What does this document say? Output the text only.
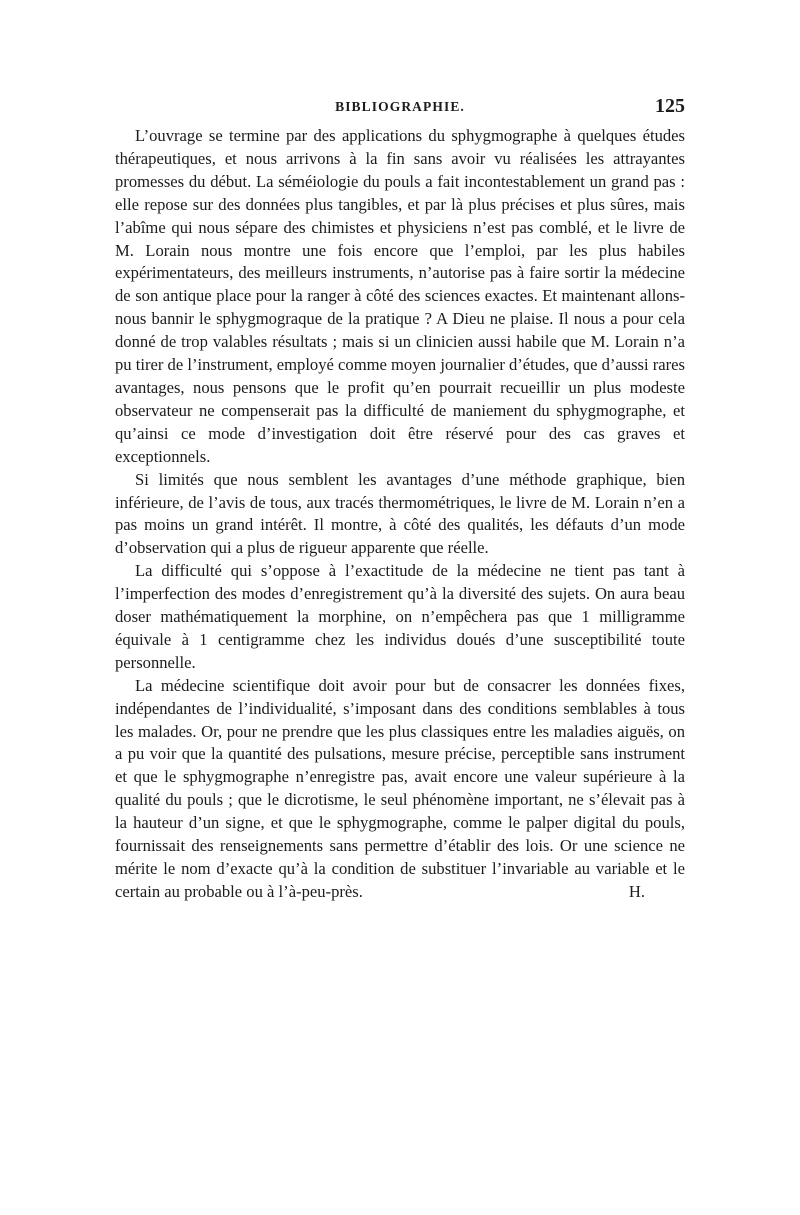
BIBLIOGRAPHIE.	125

L’ouvrage se termine par des applications du sphygmographe à quelques études thérapeutiques, et nous arrivons à la fin sans avoir vu réalisées les attrayantes promesses du début. La séméiologie du pouls a fait incontestablement un grand pas : elle repose sur des données plus tangibles, et par là plus précises et plus sûres, mais l’abîme qui nous sépare des chimistes et physiciens n’est pas comblé, et le livre de M. Lorain nous montre une fois encore que l’emploi, par les plus habiles expérimentateurs, des meilleurs instruments, n’autorise pas à faire sortir la médecine de son antique place pour la ranger à côté des sciences exactes. Et maintenant allons-nous bannir le sphygmograque de la pratique ? A Dieu ne plaise. Il nous a pour cela donné de trop valables résultats ; mais si un clinicien aussi habile que M. Lorain n’a pu tirer de l’instrument, employé comme moyen journalier d’études, que d’aussi rares avantages, nous pensons que le profit qu’en pourrait recueillir un plus modeste observateur ne compenserait pas la difficulté de maniement du sphygmographe, et qu’ainsi ce mode d’investigation doit être réservé pour des cas graves et exceptionnels.

Si limités que nous semblent les avantages d’une méthode graphique, bien inférieure, de l’avis de tous, aux tracés thermométriques, le livre de M. Lorain n’en a pas moins un grand intérêt. Il montre, à côté des qualités, les défauts d’un mode d’observation qui a plus de rigueur apparente que réelle.

La difficulté qui s’oppose à l’exactitude de la médecine ne tient pas tant à l’imperfection des modes d’enregistrement qu’à la diversité des sujets. On aura beau doser mathématiquement la morphine, on n’empêchera pas que 1 milligramme équivale à 1 centigramme chez les individus doués d’une susceptibilité toute personnelle.

La médecine scientifique doit avoir pour but de consacrer les données fixes, indépendantes de l’individualité, s’imposant dans des conditions semblables à tous les malades. Or, pour ne prendre que les plus classiques entre les maladies aiguës, on a pu voir que la quantité des pulsations, mesure précise, perceptible sans instrument et que le sphygmographe n’enregistre pas, avait encore une valeur supérieure à la qualité du pouls ; que le dicrotisme, le seul phénomène important, ne s’élevait pas à la hauteur d’un signe, et que le sphygmographe, comme le palper digital du pouls, fournissait des renseignements sans permettre d’établir des lois. Or une science ne mérite le nom d’exacte qu’à la condition de substituer l’invariable au variable et le certain au probable ou à l’à-peu-près.	H.
